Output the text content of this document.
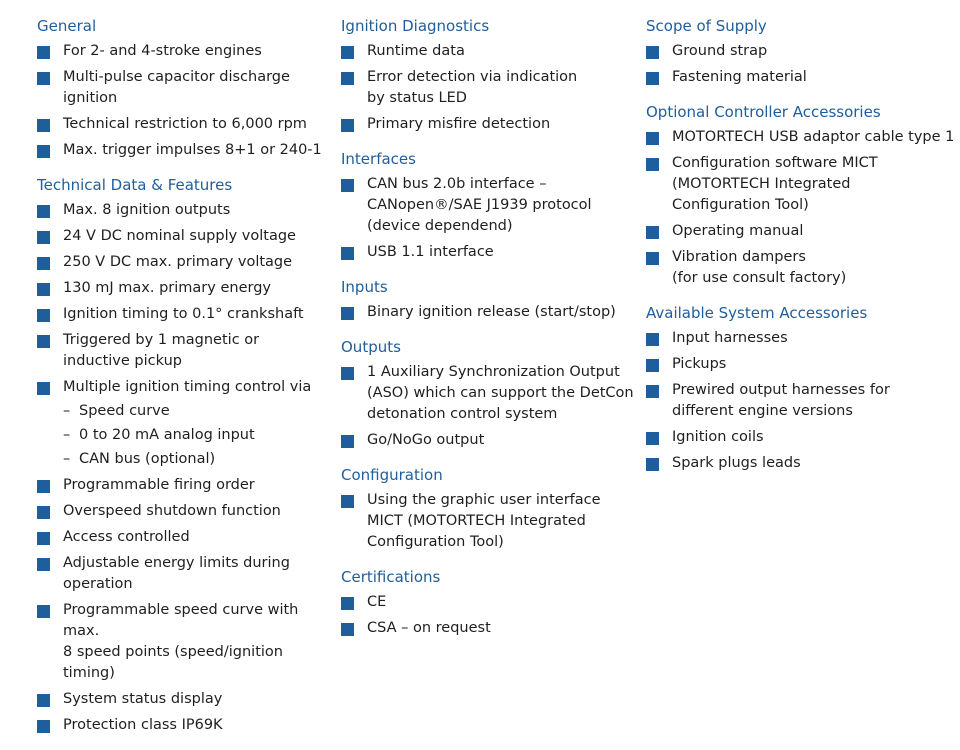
General
For 2- and 4-stroke engines
Multi-pulse capacitor discharge ignition
Technical restriction to 6,000 rpm
Max. trigger impulses 8+1 or 240-1
Technical Data & Features
Max. 8 ignition outputs
24 V DC nominal supply voltage
250 V DC max. primary voltage
130 mJ max. primary energy
Ignition timing to 0.1° crankshaft
Triggered by 1 magnetic or
inductive pickup
Multiple ignition timing control via
– Speed curve
– 0 to 20 mA analog input
– CAN bus (optional)
Programmable firing order
Overspeed shutdown function
Access controlled
Adjustable energy limits during
operation
Programmable speed curve with max.
8 speed points (speed/ignition timing)
System status display
Protection class IP69K
Ignition Diagnostics
Runtime data
Error detection via indication
by status LED
Primary misfire detection
Interfaces
CAN bus 2.0b interface –
CANopen®/SAE J1939 protocol
(device dependend)
USB 1.1 interface
Inputs
Binary ignition release (start/stop)
Outputs
1 Auxiliary Synchronization Output
(ASO) which can support the DetCon
detonation control system
Go/NoGo output
Configuration
Using the graphic user interface
MICT (MOTORTECH Integrated
Configuration Tool)
Certifications
CE
CSA – on request
Scope of Supply
Ground strap
Fastening material
Optional Controller Accessories
MOTORTECH USB adaptor cable type 1
Configuration software MICT
(MOTORTECH Integrated
Configuration Tool)
Operating manual
Vibration dampers
(for use consult factory)
Available System Accessories
Input harnesses
Pickups
Prewired output harnesses for
different engine versions
Ignition coils
Spark plugs leads
